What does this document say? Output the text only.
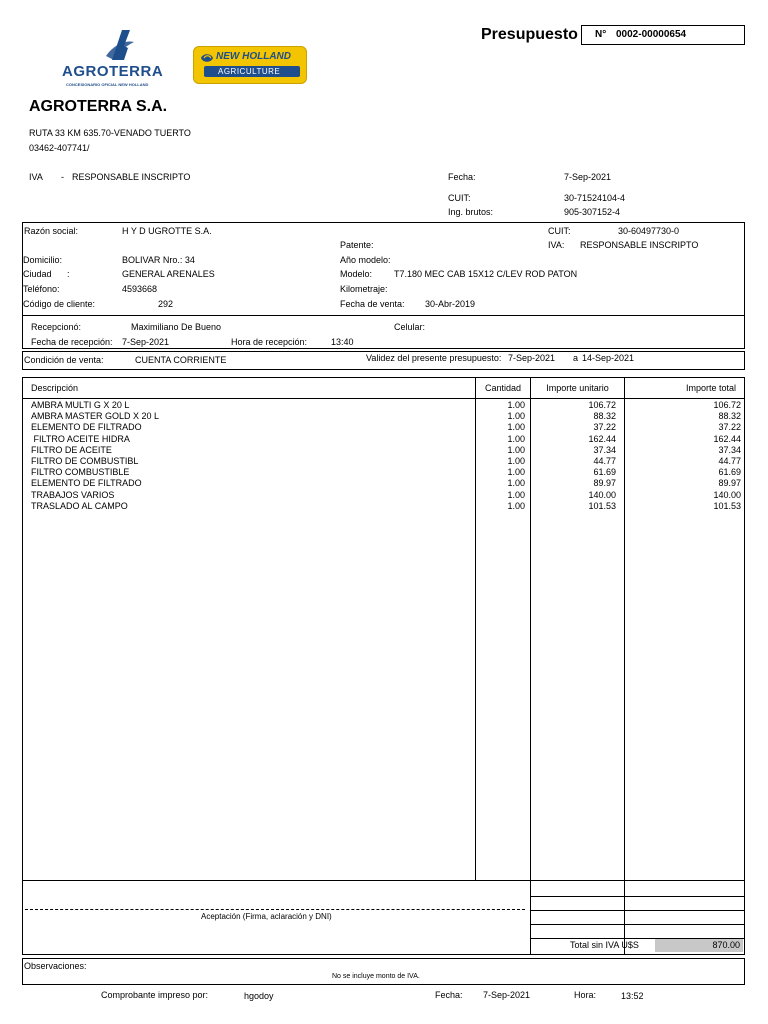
AGROTERRA
CONCESIONARIO OFICIAL NEW HOLLAND
NEW HOLLAND
AGRICULTURE
Presupuesto N° 0002-00000654
AGROTERRA S.A.
RUTA 33 KM 635.70-VENADO TUERTO
03462-407741/
IVA - RESPONSABLE INSCRIPTO	Fecha:	7-Sep-2021
CUIT:	30-71524104-4
Ing. brutos:	905-307152-4
Razón social:	H Y D UGROTTE S.A.	CUIT:	30-60497730-0
Patente:	IVA: RESPONSABLE INSCRIPTO
Domicilio:	BOLIVAR Nro.: 34	Año modelo:
Ciudad :	GENERAL ARENALES	Modelo: T7.180 MEC CAB 15X12 C/LEV ROD PATON
Teléfono:	4593668	Kilometraje:
Código de cliente:	292	Fecha de venta: 30-Abr-2019
Recepcionó:	Maximiliano De Bueno	Celular:
Fecha de recepción: 7-Sep-2021	Hora de recepción:	13:40
Condición de venta:	CUENTA CORRIENTE	Validez del presente presupuesto: 7-Sep-2021 a 14-Sep-2021
Descripción	Cantidad	Importe unitario	Importe total
AMBRA MULTI G X 20 L	1.00	106.72	106.72
AMBRA MASTER GOLD X 20 L	1.00	88.32	88.32
ELEMENTO DE FILTRADO	1.00	37.22	37.22
FILTRO ACEITE HIDRA	1.00	162.44	162.44
FILTRO DE ACEITE	1.00	37.34	37.34
FILTRO DE COMBUSTIBL	1.00	44.77	44.77
FILTRO COMBUSTIBLE	1.00	61.69	61.69
ELEMENTO DE FILTRADO	1.00	89.97	89.97
TRABAJOS VARIOS	1.00	140.00	140.00
TRASLADO AL CAMPO	1.00	101.53	101.53
Aceptación (Firma, aclaración y DNI)
Total sin IVA U$S	870.00
Observaciones:
No se incluye monto de IVA.
Comprobante impreso por:	hgodoy	Fecha: 7-Sep-2021	Hora:	13:52
